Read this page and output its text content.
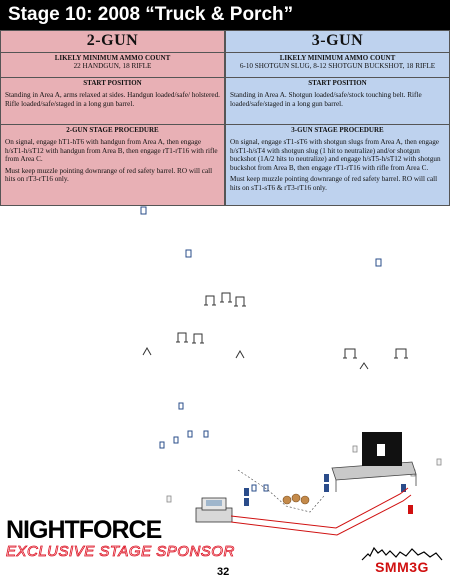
Stage 10: 2008 “Truck & Porch”
2-GUN
LIKELY MINIMUM AMMO COUNT
22 HANDGUN, 18 RIFLE
START POSITION
Standing in Area A, arms relaxed at sides. Handgun loaded/safe/ holstered. Rifle loaded/safe/staged in a long gun barrel.
2-GUN STAGE PROCEDURE

On signal, engage hT1-hT6 with handgun from Area A, then engage h/sT1-h/sT12 with handgun from Area B, then engage rT1-rT16 with rifle from Area C.

Must keep muzzle pointing downrange of red safety barrel. RO will call hits on rT3-rT16 only.

3-GUN
LIKELY MINIMUM AMMO COUNT
6-10 SHOTGUN SLUG, 8-12 SHOTGUN BUCKSHOT, 18 RIFLE
START POSITION
Standing in Area A. Shotgun loaded/safe/stock touching belt. Rifle loaded/safe/staged in a long gun barrel.
3-GUN STAGE PROCEDURE

On signal, engage sT1-sT6 with shotgun slugs from Area A, then engage h/sT1-h/sT4 with shotgun slug (1 hit to neutralize) and/or shotgun buckshot (1A/2 hits to neutralize) and engage h/sT5-h/sT12 with shotgun buckshot from Area B, then engage rT1-rT16 with rifle from Area C.

Must keep muzzle pointing downrange of red safety barrel. RO will call hits on sT1-sT6 & rT3-rT16 only.

NIGHTFORCE
EXCLUSIVE STAGE SPONSOR
32	SMM3G
